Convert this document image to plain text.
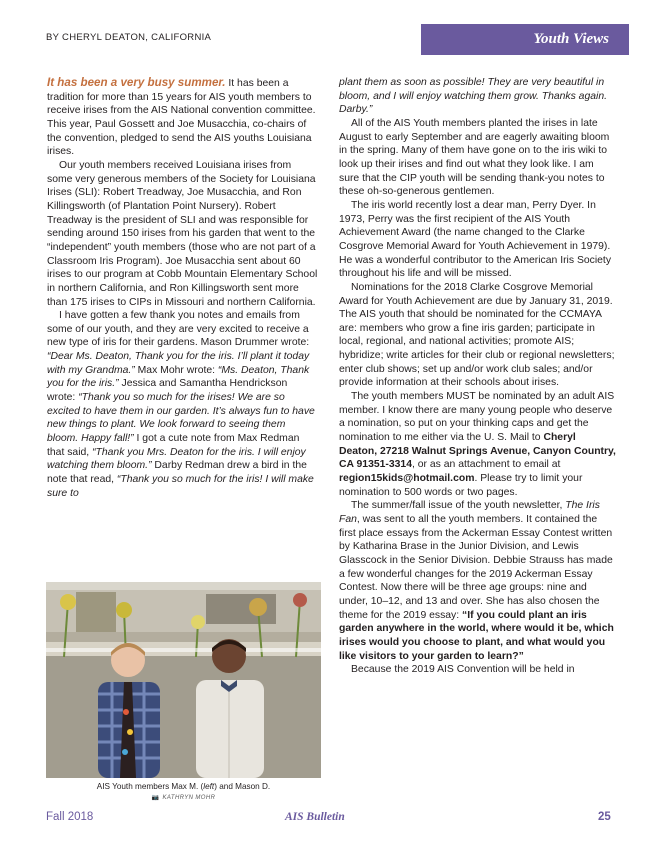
BY CHERYL DEATON, CALIFORNIA	Youth Views

It has been a very busy summer. It has been a tradition for more than 15 years for AIS youth members to receive irises from the AIS National convention committee. This year, Paul Gossett and Joe Musacchia, co-chairs of the convention, pledged to send the AIS youths Louisiana irises.

Our youth members received Louisiana irises from some very generous members of the Society for Louisiana Irises (SLI): Robert Treadway, Joe Musacchia, and Ron Killingsworth (of Plantation Point Nursery). Robert Treadway is the president of SLI and was responsible for sending around 150 irises from his garden that went to the “independent” youth members (those who are not part of a Classroom Iris Program). Joe Musacchia sent about 60 irises to our program at Cobb Mountain Elementary School in northern California, and Ron Killingsworth sent more than 175 irises to CIPs in Missouri and northern California.

I have gotten a few thank you notes and emails from some of our youth, and they are very excited to receive a new type of iris for their gardens. Mason Drummer wrote: “Dear Ms. Deaton, Thank you for the iris. I’ll plant it today with my Grandma.” Max Mohr wrote: “Ms. Deaton, Thank you for the iris.” Jessica and Samantha Hendrickson wrote: “Thank you so much for the irises! We are so excited to have them in our garden. It’s always fun to have new things to plant. We look forward to seeing them bloom. Happy fall!” I got a cute note from Max Redman that said, “Thank you Mrs. Deaton for the iris. I will enjoy watching them bloom.” Darby Redman drew a bird in the note that read, “Thank you so much for the iris! I will make sure to

AIS Youth members Max M. (left) and Mason D.
📷 KATHRYN MOHR

plant them as soon as possible! They are very beautiful in bloom, and I will enjoy watching them grow. Thanks again. Darby.”

All of the AIS Youth members planted the irises in late August to early September and are eagerly awaiting bloom in the spring. Many of them have gone on to the iris wiki to look up their irises and find out what they look like. I am sure that the CIP youth will be sending thank-you notes to these oh-so-generous gentlemen.

The iris world recently lost a dear man, Perry Dyer. In 1973, Perry was the first recipient of the AIS Youth Achievement Award (the name changed to the Clarke Cosgrove Memorial Award for Youth Achievement in 1979). He was a wonderful contributor to the American Iris Society throughout his life and will be missed.

Nominations for the 2018 Clarke Cosgrove Memorial Award for Youth Achievement are due by January 31, 2019. The AIS youth that should be nominated for the CCMAYA are: members who grow a fine iris garden; participate in local, regional, and national activities; promote AIS; hybridize; write articles for their club or regional newsletters; enter club shows; set up and/or work club sales; and/or provide information at their schools about irises.

The youth members MUST be nominated by an adult AIS member. I know there are many young people who deserve a nomination, so put on your thinking caps and get the nomination to me either via the U. S. Mail to Cheryl Deaton, 27218 Walnut Springs Avenue, Canyon Country, CA 91351-3314, or as an attachment to email at region15kids@hotmail.com. Please try to limit your nomination to 500 words or two pages.

The summer/fall issue of the youth newsletter, The Iris Fan, was sent to all the youth members. It contained the first place essays from the Ackerman Essay Contest written by Katharina Brase in the Junior Division, and Lewis Glasscock in the Senior Division. Debbie Strauss has made a few wonderful changes for the 2019 Ackerman Essay Contest. Now there will be three age groups: nine and under, 10–12, and 13 and over. She has also chosen the theme for the 2019 essay: “If you could plant an iris garden anywhere in the world, where would it be, which irises would you choose to plant, and what would you like visitors to your garden to learn?”

Because the 2019 AIS Convention will be held in

Fall 2018	AIS Bulletin	25
